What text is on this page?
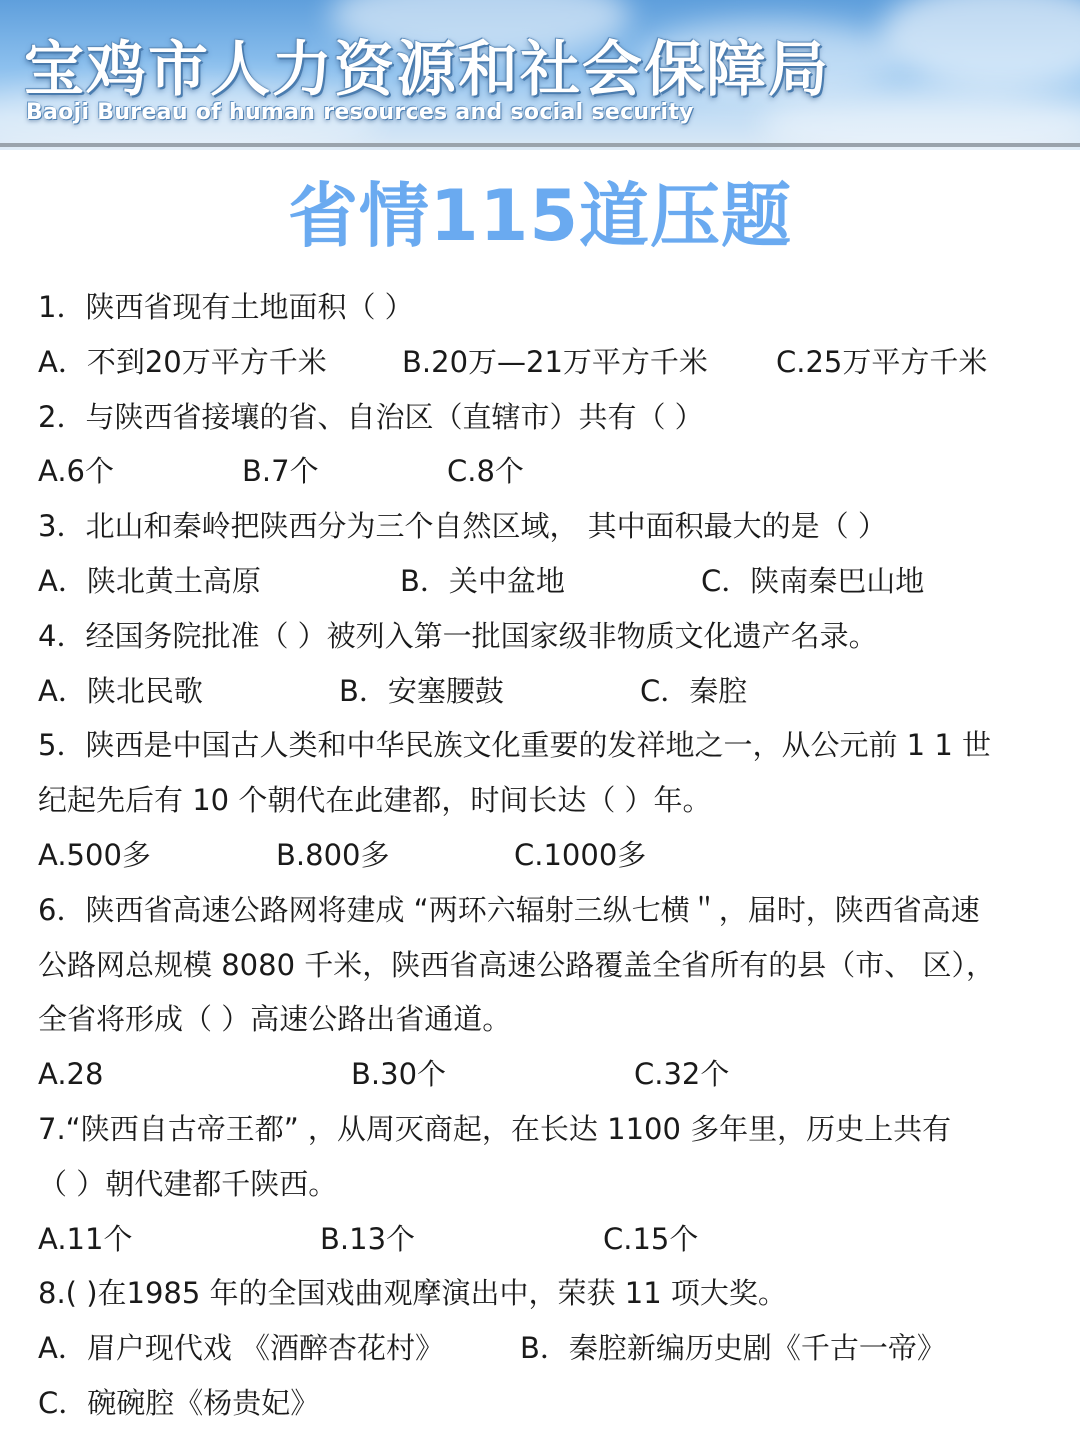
宝鸡市人力资源和社会保障局
Baoji Bureau of human resources and social security
省情115道压题
1．陕西省现有土地面积（ ）
A．不到20万平方千米	B.20万—21万平方千米 C.25万平方千米
2．与陕西省接壤的省、自治区（直辖市）共有（ ）
A.6个	B.7个	C.8个
3．北山和秦岭把陕西分为三个自然区域， 其中面积最大的是（ ）
A．陕北黄土高原	B．关中盆地	C．陕南秦巴山地
4．经国务院批准（ ）被列入第一批国家级非物质文化遗产名录。
A．陕北民歌	B．安塞腰鼓	C．秦腔
5．陕西是中国古人类和中华民族文化重要的发祥地之一，从公元前 1 1 世
纪起先后有 10 个朝代在此建都，时间长达（ ）年。
A.500多	B.800多	C.1000多
6．陕西省高速公路网将建成 “两环六辐射三纵七横＂，届时，陕西省高速
公路网总规模 8080 千米，陕西省高速公路覆盖全省所有的县（市、 区），
全省将形成（ ）高速公路出省通道。
A.28	B.30个	C.32个
7.“陕西自古帝王都” ，从周灭商起，在长达 1100 多年里，历史上共有
（ ）朝代建都千陕西。
A.11个	B.13个	C.15个
8.( )在1985 年的全国戏曲观摩演出中，荣获 11 项大奖。
A．眉户现代戏 《酒醉杏花村》	B．秦腔新编历史剧《千古一帝》
C．碗碗腔《杨贵妃》
